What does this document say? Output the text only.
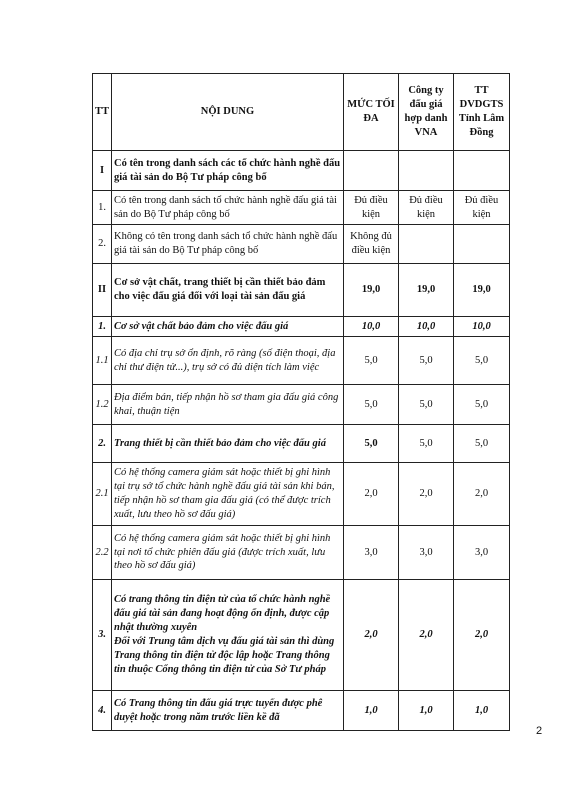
TT	NỘI DUNG	MỨC TỐI ĐA	Công ty đấu giá hợp danh VNA	TT DVDGTS Tỉnh Lâm Đồng
I	Có tên trong danh sách các tổ chức hành nghề đấu giá tài sản do Bộ Tư pháp công bố			
1.	Có tên trong danh sách tổ chức hành nghề đấu giá tài sản do Bộ Tư pháp công bố	Đủ điều kiện	Đủ điều kiện	Đủ điều kiện
2.	Không có tên trong danh sách tổ chức hành nghề đấu giá tài sản do Bộ Tư pháp công bố	Không đủ điều kiện		
II	Cơ sở vật chất, trang thiết bị cần thiết bảo đảm cho việc đấu giá đối với loại tài sản đấu giá	19,0	19,0	19,0
1.	Cơ sở vật chất bảo đảm cho việc đấu giá	10,0	10,0	10,0
1.1	Có địa chỉ trụ sở ổn định, rõ ràng (số điện thoại, địa chỉ thư điện tử...), trụ sở có đủ diện tích làm việc	5,0	5,0	5,0
1.2	Địa điểm bán, tiếp nhận hồ sơ tham gia đấu giá công khai, thuận tiện	5,0	5,0	5,0
2.	Trang thiết bị cần thiết bảo đảm cho việc đấu giá	5,0	5,0	5,0
2.1	Có hệ thống camera giám sát hoặc thiết bị ghi hình tại trụ sở tổ chức hành nghề đấu giá tài sản khi bán, tiếp nhận hồ sơ tham gia đấu giá (có thể được trích xuất, lưu theo hồ sơ đấu giá)	2,0	2,0	2,0
2.2	Có hệ thống camera giám sát hoặc thiết bị ghi hình tại nơi tổ chức phiên đấu giá (được trích xuất, lưu theo hồ sơ đấu giá)	3,0	3,0	3,0
3.	Có trang thông tin điện tử của tổ chức hành nghề đấu giá tài sản đang hoạt động ổn định, được cập nhật thường xuyên
Đối với Trung tâm dịch vụ đấu giá tài sản thì dùng Trang thông tin điện tử độc lập hoặc Trang thông tin thuộc Cổng thông tin điện tử của Sở Tư pháp	2,0	2,0	2,0
4.	Có Trang thông tin đấu giá trực tuyến được phê duyệt hoặc trong năm trước liền kề đã	1,0	1,0	1,0
2
